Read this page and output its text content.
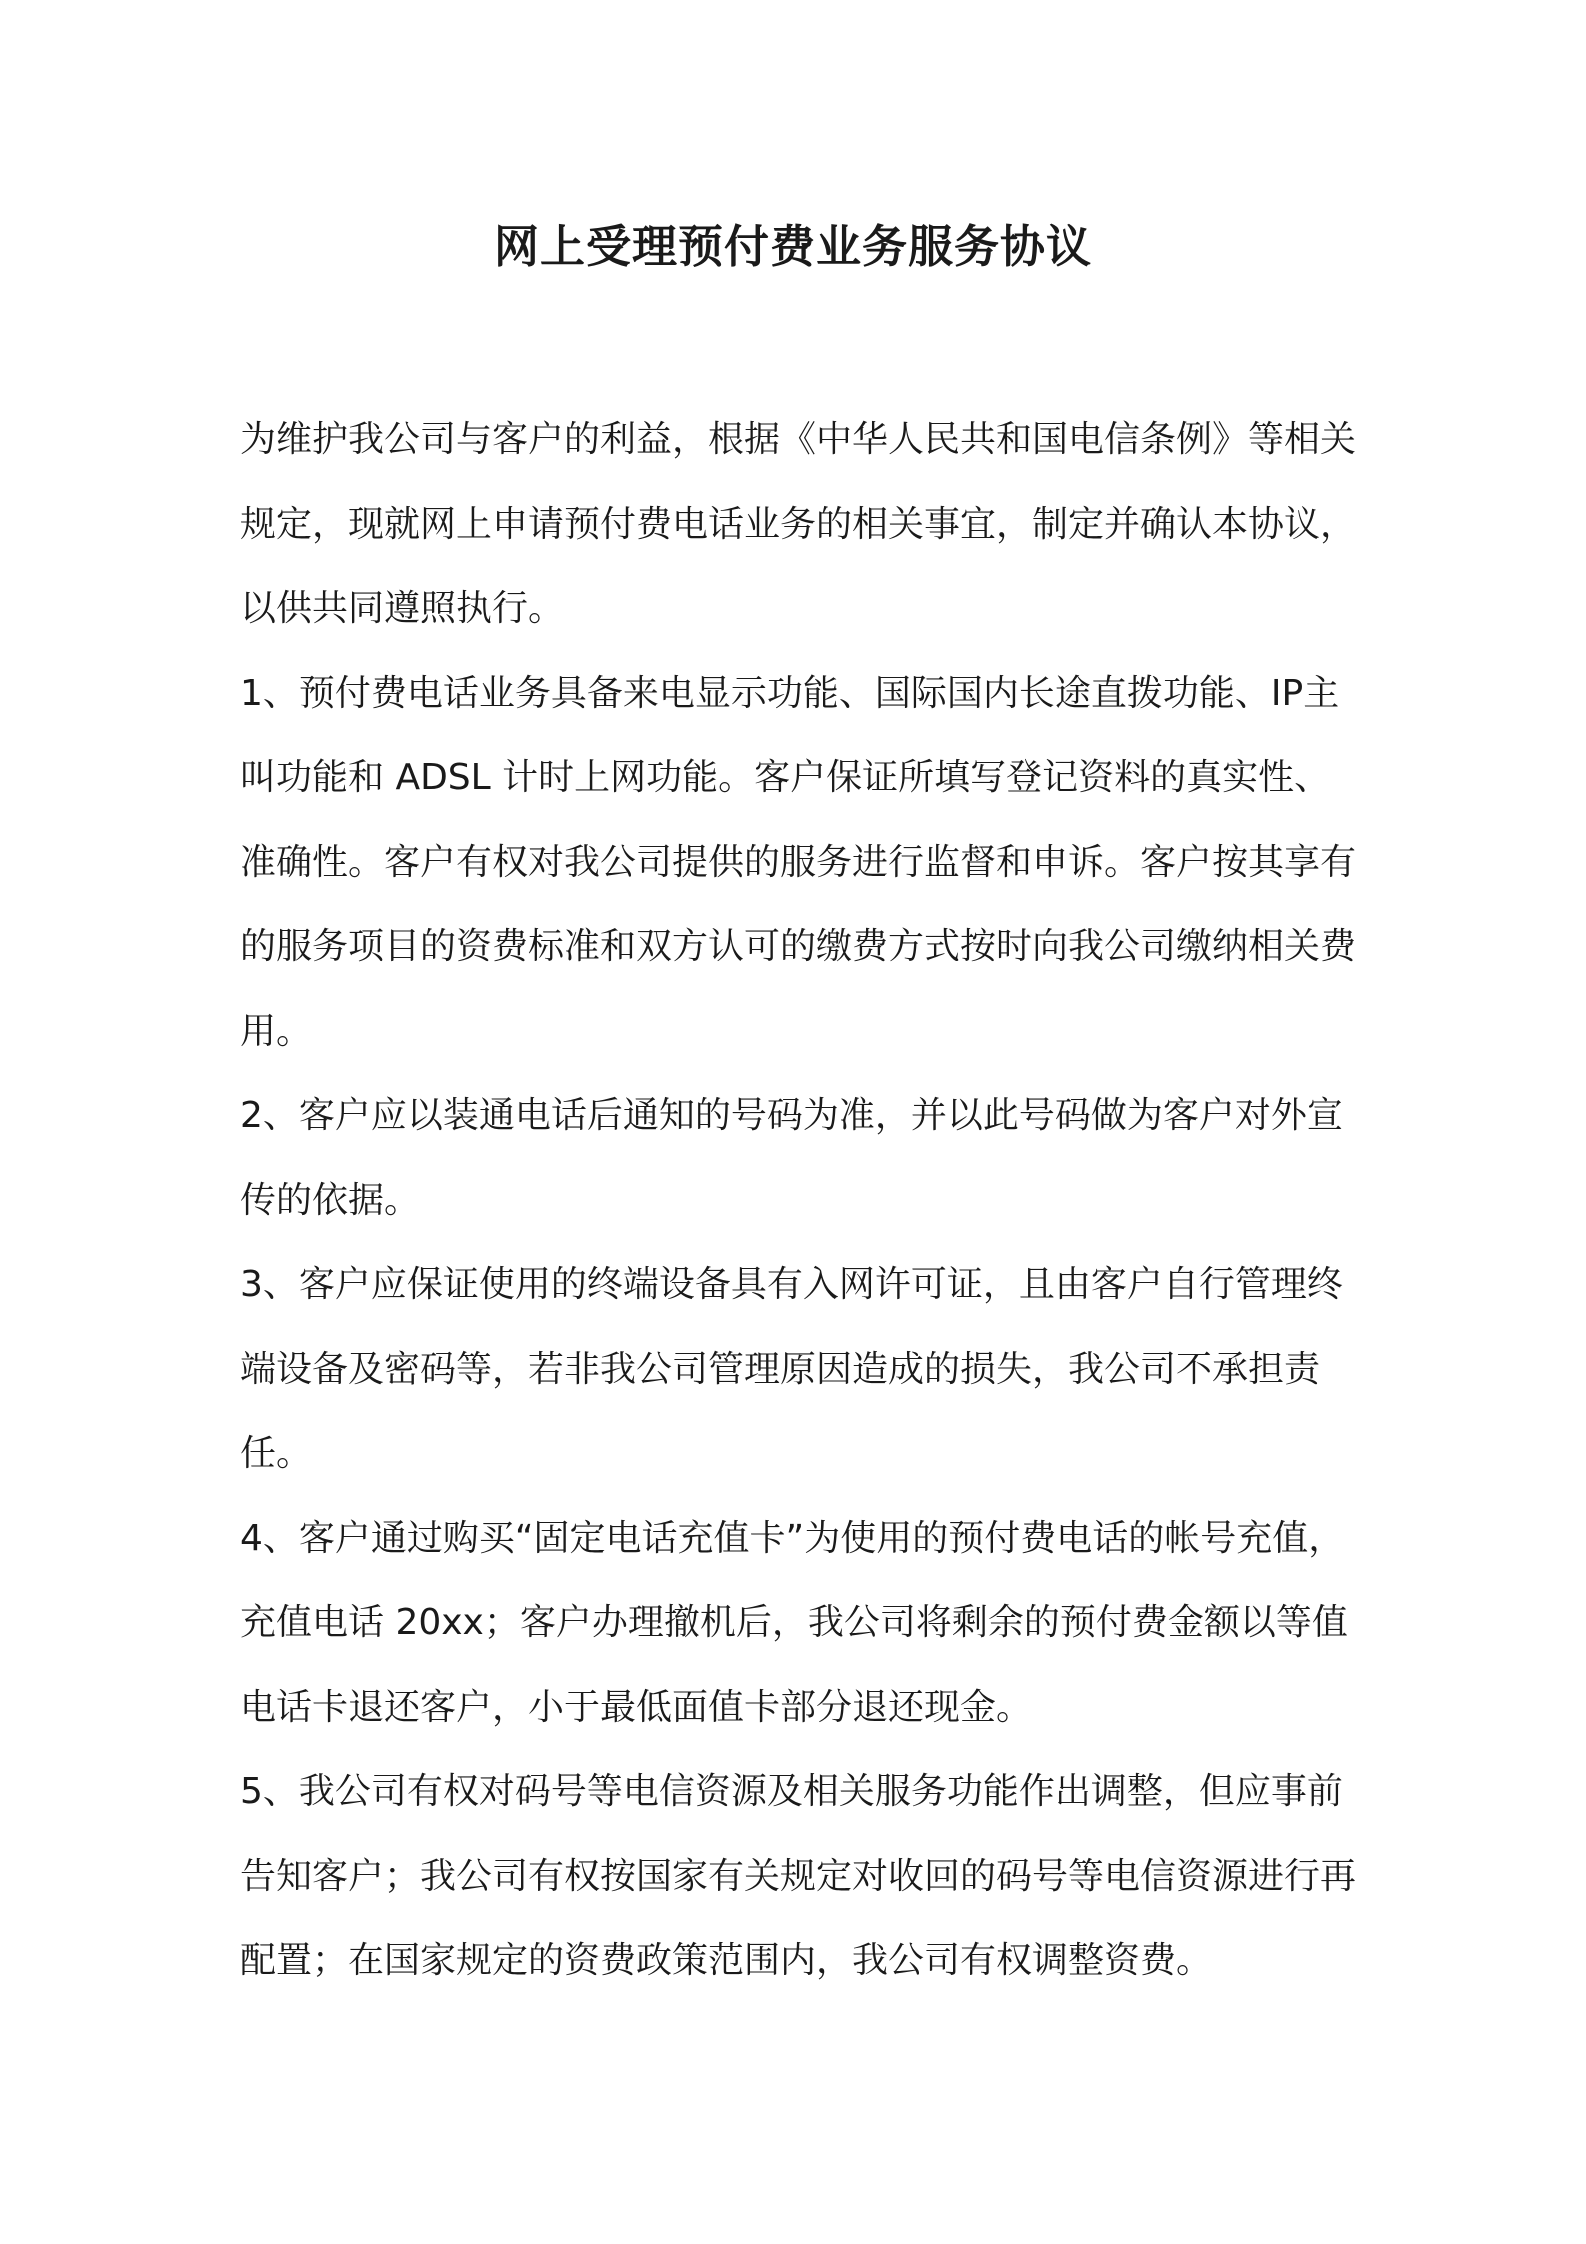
网上受理预付费业务服务协议

为维护我公司与客户的利益，根据《中华人民共和国电信条例》等相关规定，现就网上申请预付费电话业务的相关事宜，制定并确认本协议，以供共同遵照执行。

1、预付费电话业务具备来电显示功能、国际国内长途直拨功能、IP主叫功能和 ADSL 计时上网功能。客户保证所填写登记资料的真实性、准确性。客户有权对我公司提供的服务进行监督和申诉。客户按其享有的服务项目的资费标准和双方认可的缴费方式按时向我公司缴纳相关费用。

2、客户应以装通电话后通知的号码为准，并以此号码做为客户对外宣传的依据。

3、客户应保证使用的终端设备具有入网许可证，且由客户自行管理终端设备及密码等，若非我公司管理原因造成的损失，我公司不承担责任。

4、客户通过购买“固定电话充值卡”为使用的预付费电话的帐号充值，充值电话 20xx；客户办理撤机后，我公司将剩余的预付费金额以等值电话卡退还客户，小于最低面值卡部分退还现金。

5、我公司有权对码号等电信资源及相关服务功能作出调整，但应事前告知客户；我公司有权按国家有关规定对收回的码号等电信资源进行再配置；在国家规定的资费政策范围内，我公司有权调整资费。
